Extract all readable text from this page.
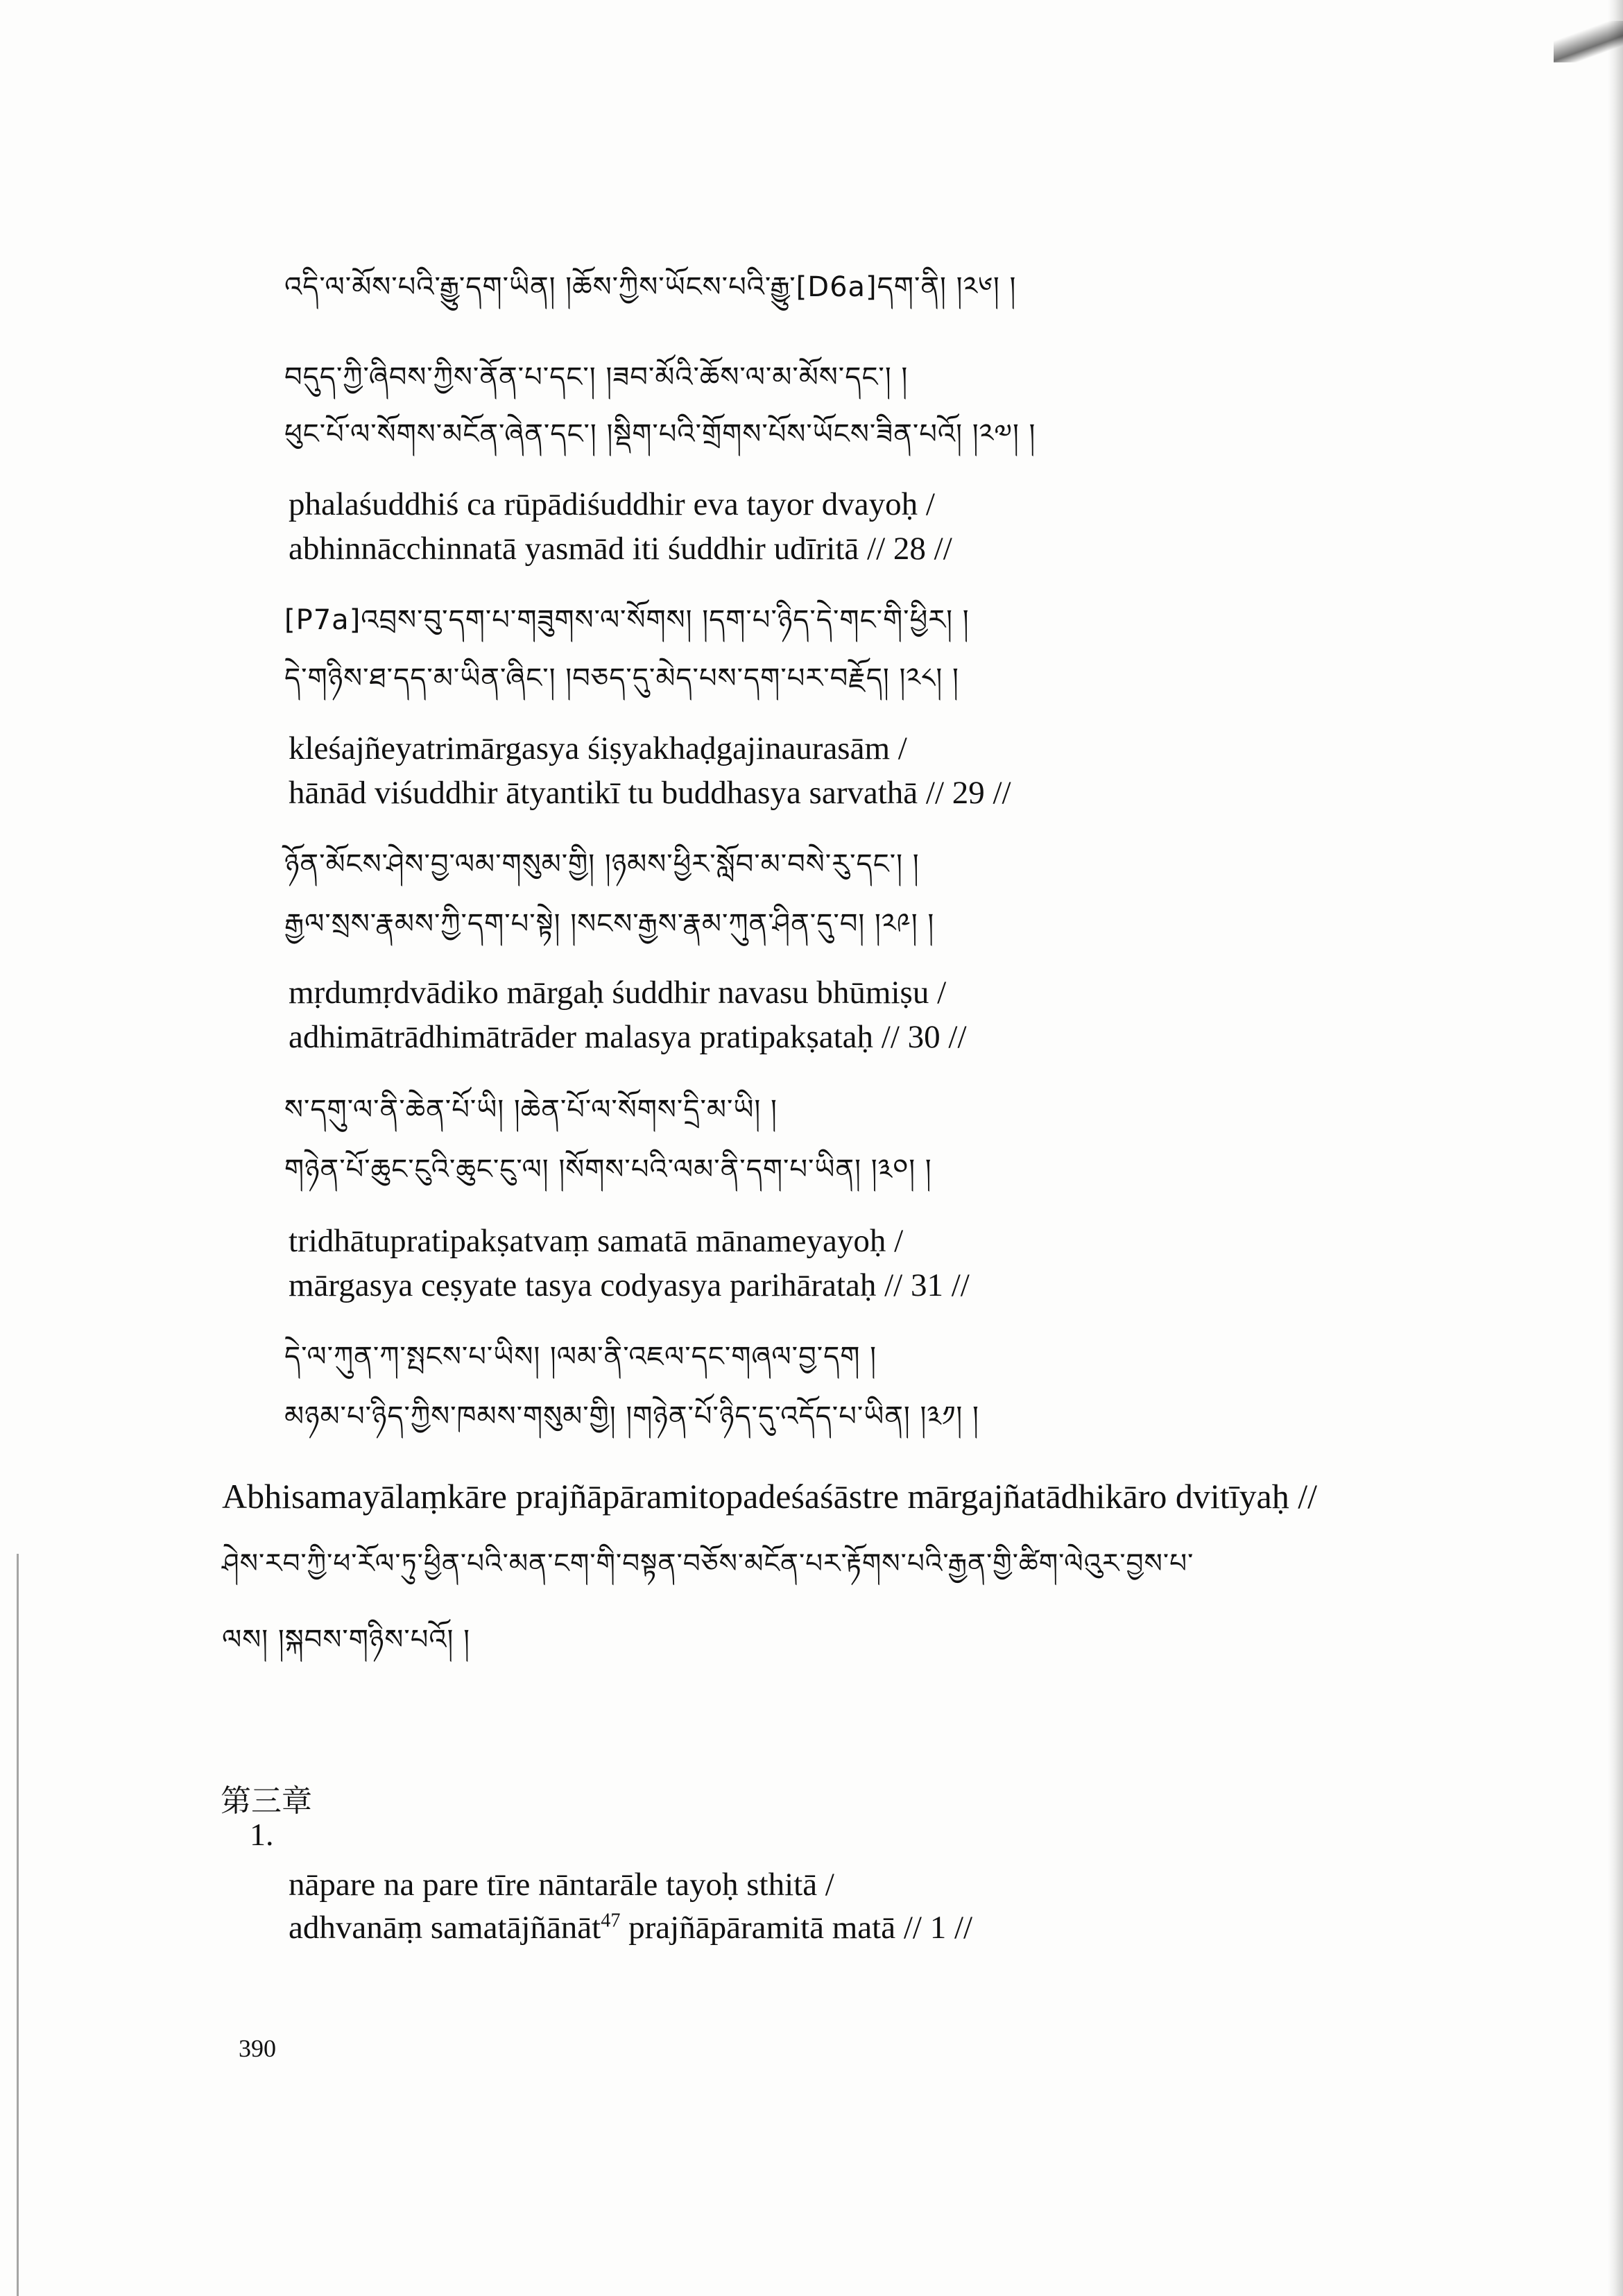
འདི་ལ་མོས་པའི་རྒྱུ་དག་ཡིན། །ཆོས་ཀྱིས་ཡོངས་པའི་རྒྱུ་[D6a]དག་ནི། །༢༦། །
བདུད་ཀྱི་ཞིབས་ཀྱིས་ནོན་པ་དང་། །ཟབ་མོའི་ཆོས་ལ་མ་མོས་དང་། །
ཕུང་པོ་ལ་སོགས་མངོན་ཞེན་དང་། །སྡིག་པའི་གྲོགས་པོས་ཡོངས་ཟིན་པའོ། །༢༧། །
phalaśuddhiś ca rūpādiśuddhir eva tayor dvayoḥ /
abhinnācchinnatā yasmād iti śuddhir udīritā // 28 //
[P7a]འབྲས་བུ་དག་པ་གཟུགས་ལ་སོགས། །དག་པ་ཉིད་དེ་གང་གི་ཕྱིར། །
དེ་གཉིས་ཐ་དད་མ་ཡིན་ཞིང་། །བཅད་དུ་མེད་པས་དག་པར་བརྗོད། །༢༨། །
kleśajñeyatrimārgasya śiṣyakhaḍgajinaurasām /
hānād viśuddhir ātyantikī tu buddhasya sarvathā // 29 //
ཉོན་མོངས་ཤེས་བྱ་ལམ་གསུམ་གྱི། །ཉམས་ཕྱིར་སློབ་མ་བསེ་རུ་དང་། །
རྒྱལ་སྲས་རྣམས་ཀྱི་དག་པ་སྟེ། །སངས་རྒྱས་རྣམ་ཀུན་ཤིན་དུ་བ། །༢༩། །
mṛdumṛdvādiko mārgaḥ śuddhir navasu bhūmiṣu /
adhimātrādhimātrāder malasya pratipakṣataḥ // 30 //
ས་དགུ་ལ་ནི་ཆེན་པོ་ཡི། །ཆེན་པོ་ལ་སོགས་དྲི་མ་ཡི། །
གཉེན་པོ་ཆུང་ངུའི་ཆུང་ངུ་ལ། །སོགས་པའི་ལམ་ནི་དག་པ་ཡིན། །༣༠། །
tridhātupratipakṣatvaṃ samatā mānameyayoḥ /
mārgasya ceṣyate tasya codyasya parihārataḥ // 31 //
དེ་ལ་ཀུན་ཀ་སྤངས་པ་ཡིས། །ལམ་ནི་འཇལ་དང་གཞལ་བྱ་དག །
མཉམ་པ་ཉིད་ཀྱིས་ཁམས་གསུམ་གྱི། །གཉེན་པོ་ཉིད་དུ་འདོད་པ་ཡིན། །༣༡། །
Abhisamayālaṃkāre prajñāpāramitopadeśaśāstre mārgajñatādhikāro dvitīyaḥ //
ཤེས་རབ་ཀྱི་ཕ་རོལ་ཏུ་ཕྱིན་པའི་མན་ངག་གི་བསྟན་བཅོས་མངོན་པར་རྟོགས་པའི་རྒྱན་གྱི་ཚིག་ལེའུར་བྱས་པ་
ལས། །སྐབས་གཉིས་པའོ། །
第三章
1.
nāpare na pare tīre nāntarāle tayoḥ sthitā /
adhvanāṃ samatājñānāt$^{47}$ prajñāpāramitā matā // 1 //
390
